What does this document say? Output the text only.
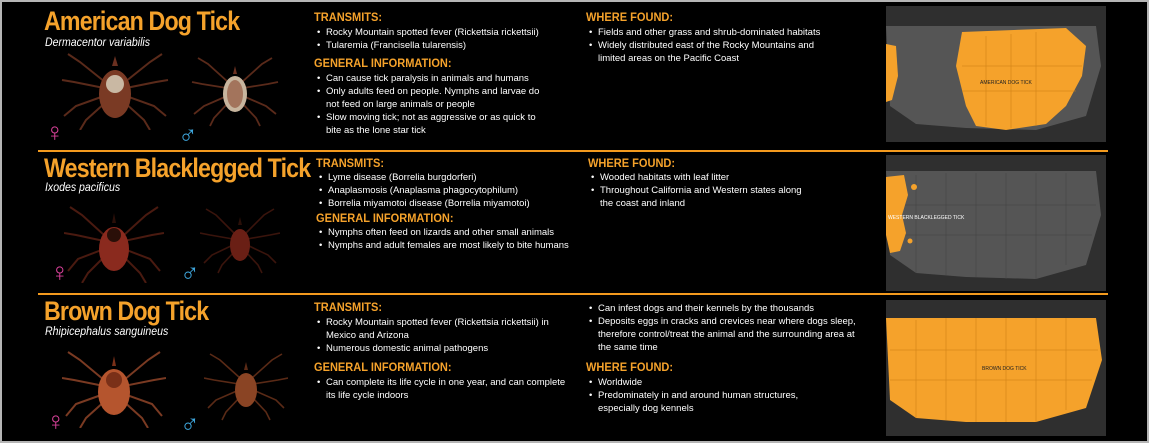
American Dog Tick
Dermacentor variabilis
♀	♂
TRANSMITS:
• Rocky Mountain spotted fever (Rickettsia rickettsii)
• Tularemia (Francisella tularensis)
GENERAL INFORMATION:
• Can cause tick paralysis in animals and humans
• Only adults feed on people. Nymphs and larvae do not feed on large animals or people
• Slow moving tick; not as aggressive or as quick to bite as the lone star tick
WHERE FOUND:
• Fields and other grass and shrub-dominated habitats
• Widely distributed east of the Rocky Mountains and limited areas on the Pacific Coast
AMERICAN DOG TICK
Western Blacklegged Tick
Ixodes pacificus
♀	♂
TRANSMITS:
• Lyme disease (Borrelia burgdorferi)
• Anaplasmosis (Anaplasma phagocytophilum)
• Borrelia miyamotoi disease (Borrelia miyamotoi)
GENERAL INFORMATION:
• Nymphs often feed on lizards and other small animals
• Nymphs and adult females are most likely to bite humans
WHERE FOUND:
• Wooded habitats with leaf litter
• Throughout California and Western states along the coast and inland
WESTERN BLACKLEGGED TICK
Brown Dog Tick
Rhipicephalus sanguineus
♀	♂
TRANSMITS:
• Rocky Mountain spotted fever (Rickettsia rickettsii) in Mexico and Arizona
• Numerous domestic animal pathogens
GENERAL INFORMATION:
• Can complete its life cycle in one year, and can complete its life cycle indoors
• Can infest dogs and their kennels by the thousands
• Deposits eggs in cracks and crevices near where dogs sleep, therefore control/treat the animal and the surrounding area at the same time
WHERE FOUND:
• Worldwide
• Predominately in and around human structures, especially dog kennels
BROWN DOG TICK
